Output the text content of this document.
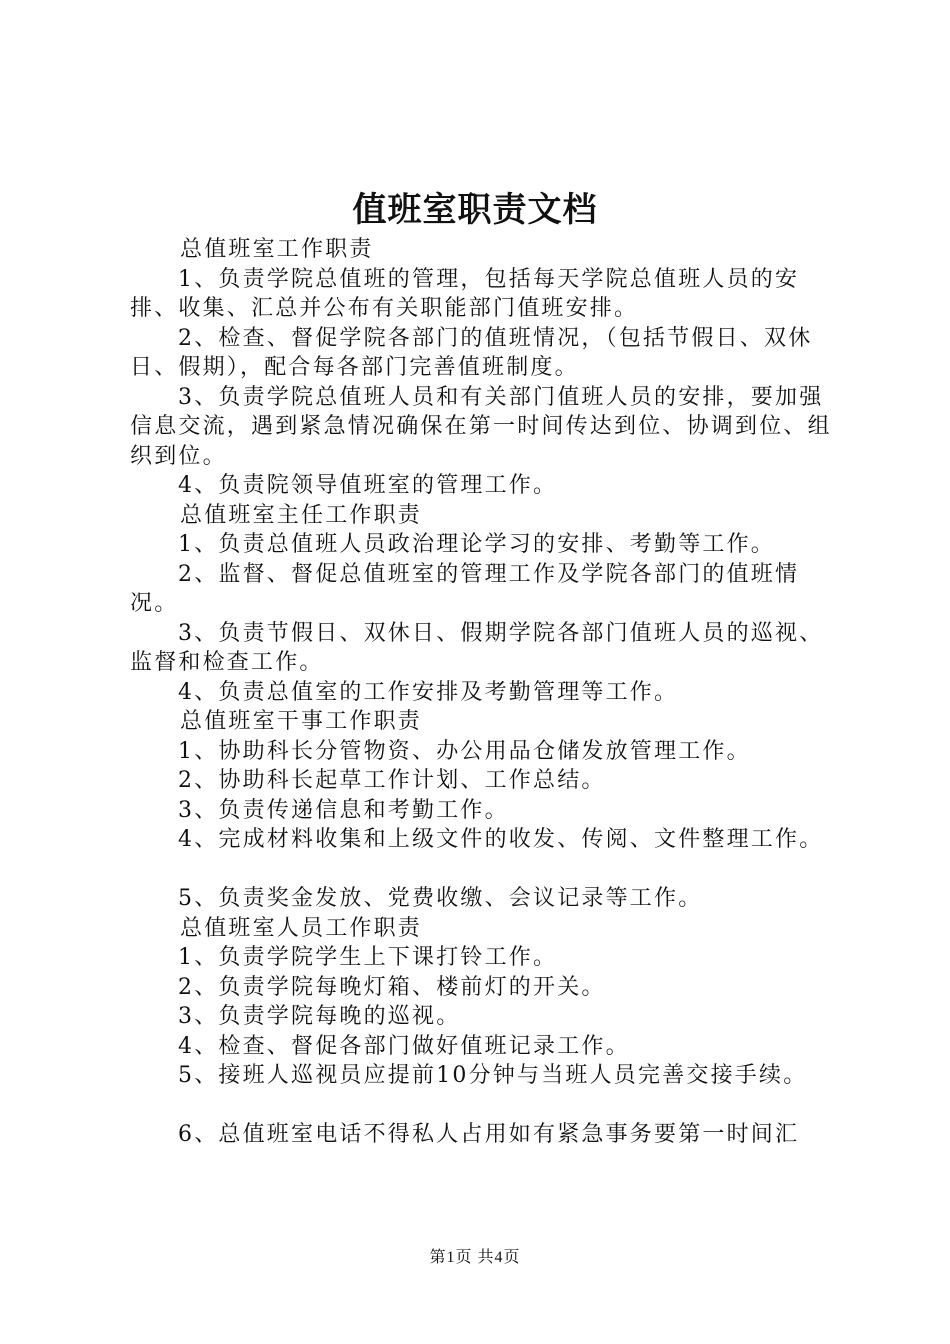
值班室职责文档

总值班室工作职责

1、负责学院总值班的管理，包括每天学院总值班人员的安排、收集、汇总并公布有关职能部门值班安排。

2、检查、督促学院各部门的值班情况，（包括节假日、双休日、假期），配合每各部门完善值班制度。

3、负责学院总值班人员和有关部门值班人员的安排，要加强信息交流，遇到紧急情况确保在第一时间传达到位、协调到位、组织到位。

4、负责院领导值班室的管理工作。

总值班室主任工作职责

1、负责总值班人员政治理论学习的安排、考勤等工作。

2、监督、督促总值班室的管理工作及学院各部门的值班情况。

3、负责节假日、双休日、假期学院各部门值班人员的巡视、监督和检查工作。

4、负责总值室的工作安排及考勤管理等工作。

总值班室干事工作职责

1、协助科长分管物资、办公用品仓储发放管理工作。

2、协助科长起草工作计划、工作总结。

3、负责传递信息和考勤工作。

4、完成材料收集和上级文件的收发、传阅、文件整理工作。

5、负责奖金发放、党费收缴、会议记录等工作。

总值班室人员工作职责

1、负责学院学生上下课打铃工作。

2、负责学院每晚灯箱、楼前灯的开关。

3、负责学院每晚的巡视。

4、检查、督促各部门做好值班记录工作。

5、接班人巡视员应提前10分钟与当班人员完善交接手续。

6、总值班室电话不得私人占用如有紧急事务要第一时间汇

第1页 共4页
